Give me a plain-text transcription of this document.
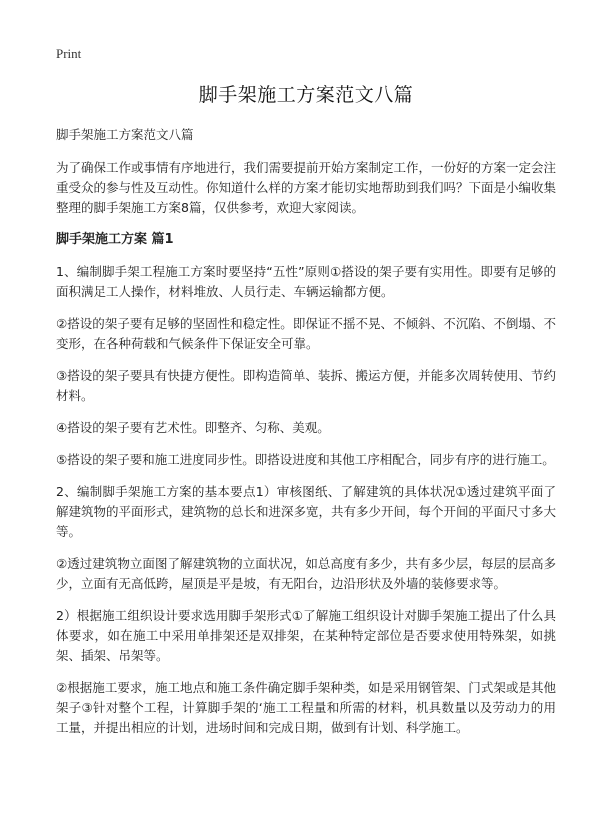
Print
脚手架施工方案范文八篇
脚手架施工方案范文八篇

为了确保工作或事情有序地进行，我们需要提前开始方案制定工作，一份好的方案一定会注重受众的参与性及互动性。你知道什么样的方案才能切实地帮助到我们吗？下面是小编收集整理的脚手架施工方案8篇，仅供参考，欢迎大家阅读。

脚手架施工方案 篇1

1、编制脚手架工程施工方案时要坚持“五性”原则①搭设的架子要有实用性。即要有足够的面积满足工人操作，材料堆放、人员行走、车辆运输都方便。

②搭设的架子要有足够的坚固性和稳定性。即保证不摇不晃、不倾斜、不沉陷、不倒塌、不变形，在各种荷载和气候条件下保证安全可靠。

③搭设的架子要具有快捷方便性。即构造简单、装拆、搬运方便，并能多次周转使用、节约材料。

④搭设的架子要有艺术性。即整齐、匀称、美观。

⑤搭设的架子要和施工进度同步性。即搭设进度和其他工序相配合，同步有序的进行施工。

2、编制脚手架施工方案的基本要点1）审核图纸、了解建筑的具体状况①透过建筑平面了解建筑物的平面形式，建筑物的总长和进深多宽，共有多少开间，每个开间的平面尺寸多大等。

②透过建筑物立面图了解建筑物的立面状况，如总高度有多少，共有多少层，每层的层高多少，立面有无高低跨，屋顶是平是坡，有无阳台，边沿形状及外墙的装修要求等。

2）根据施工组织设计要求选用脚手架形式①了解施工组织设计对脚手架施工提出了什么具体要求，如在施工中采用单排架还是双排架，在某种特定部位是否要求使用特殊架，如挑架、插架、吊架等。

②根据施工要求，施工地点和施工条件确定脚手架种类，如是采用钢管架、门式架或是其他架子③针对整个工程，计算脚手架的‘施工工程量和所需的材料，机具数量以及劳动力的用工量，并提出相应的计划，进场时间和完成日期，做到有计划、科学施工。
